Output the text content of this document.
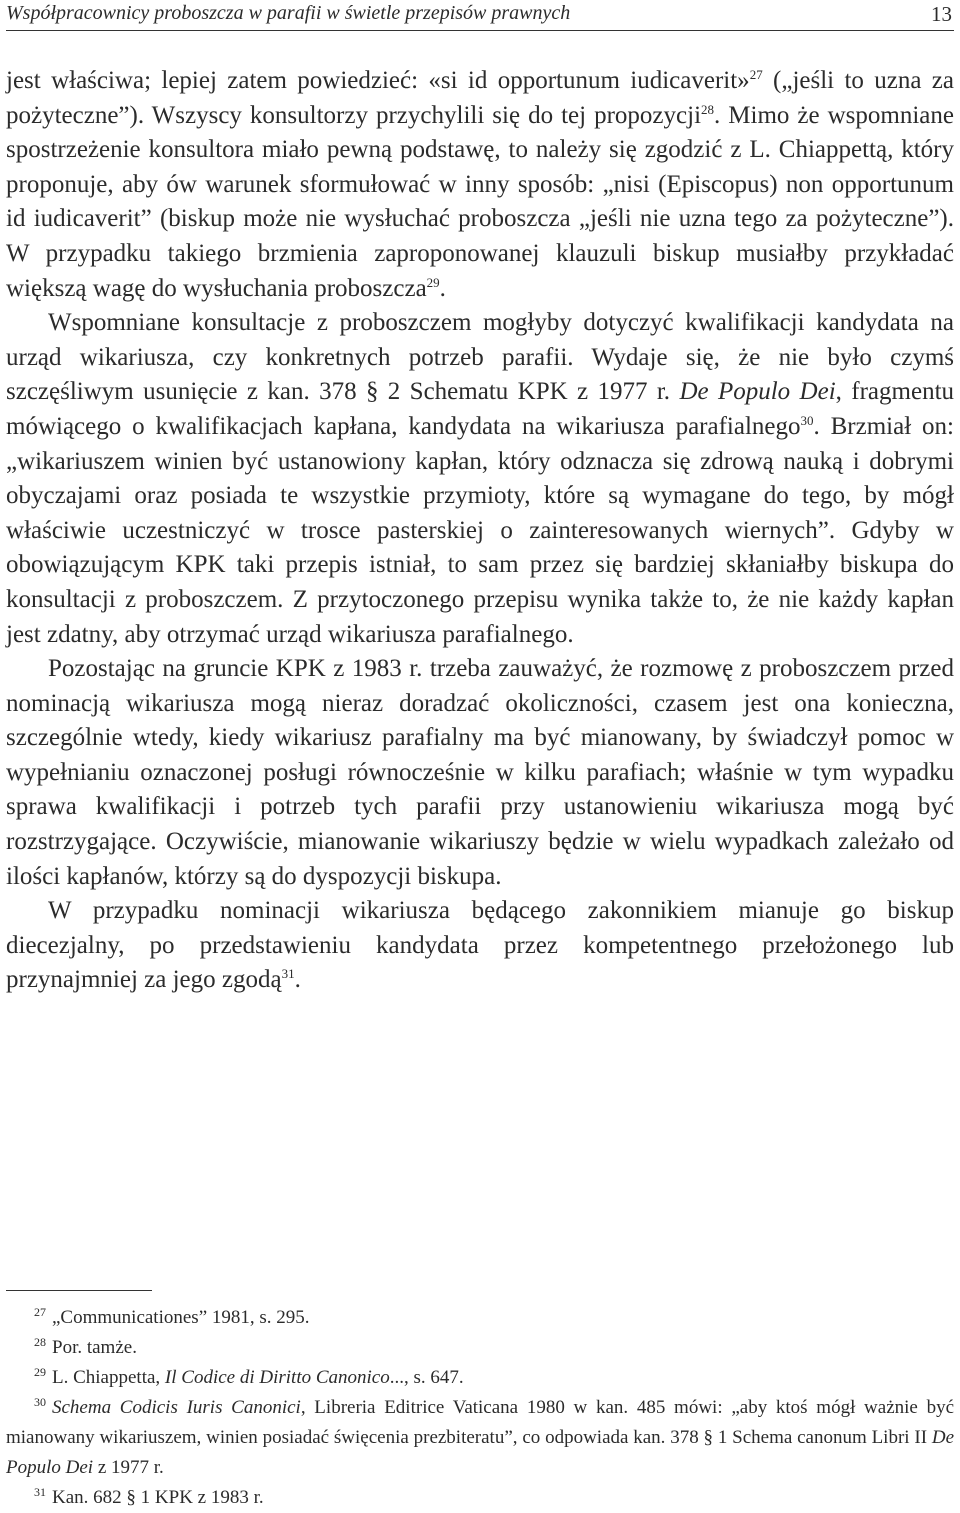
Współpracownicy proboszcza w parafii w świetle przepisów prawnych	13

jest właściwa; lepiej zatem powiedzieć: «si id opportunum iudicaverit»$^{27}$ („jeśli to uzna za pożyteczne”). Wszyscy konsultorzy przychylili się do tej propozycji$^{28}$. Mimo że wspomniane spostrzeżenie konsultora miało pewną podstawę, to należy się zgodzić z L. Chiappettą, który proponuje, aby ów warunek sformułować w inny sposób: „nisi (Episcopus) non opportunum id iudicaverit” (biskup może nie wysłuchać proboszcza „jeśli nie uzna tego za pożyteczne”). W przypadku takiego brzmienia zaproponowanej klauzuli biskup musiałby przykładać większą wagę do wysłuchania proboszcza$^{29}$.

Wspomniane konsultacje z proboszczem mogłyby dotyczyć kwalifikacji kandydata na urząd wikariusza, czy konkretnych potrzeb parafii. Wydaje się, że nie było czymś szczęśliwym usunięcie z kan. 378 § 2 Schematu KPK z 1977 r. De Populo Dei, fragmentu mówiącego o kwalifikacjach kapłana, kandydata na wikariusza parafialnego$^{30}$. Brzmiał on: „wikariuszem winien być ustanowiony kapłan, który odznacza się zdrową nauką i dobrymi obyczajami oraz posiada te wszystkie przymioty, które są wymagane do tego, by mógł właściwie uczestniczyć w trosce pasterskiej o zainteresowanych wiernych”. Gdyby w obowiązującym KPK taki przepis istniał, to sam przez się bardziej skłaniałby biskupa do konsultacji z proboszczem. Z przytoczonego przepisu wynika także to, że nie każdy kapłan jest zdatny, aby otrzymać urząd wikariusza parafialnego.

Pozostając na gruncie KPK z 1983 r. trzeba zauważyć, że rozmowę z proboszczem przed nominacją wikariusza mogą nieraz doradzać okoliczności, czasem jest ona konieczna, szczególnie wtedy, kiedy wikariusz parafialny ma być mianowany, by świadczył pomoc w wypełnianiu oznaczonej posługi równocześnie w kilku parafiach; właśnie w tym wypadku sprawa kwalifikacji i potrzeb tych parafii przy ustanowieniu wikariusza mogą być rozstrzygające. Oczywiście, mianowanie wikariuszy będzie w wielu wypadkach zależało od ilości kapłanów, którzy są do dyspozycji biskupa.

W przypadku nominacji wikariusza będącego zakonnikiem mianuje go biskup diecezjalny, po przedstawieniu kandydata przez kompetentnego przełożonego lub przynajmniej za jego zgodą$^{31}$.

27 „Communicationes” 1981, s. 295.

28 Por. tamże.

29 L. Chiappetta, Il Codice di Diritto Canonico..., s. 647.

30 Schema Codicis Iuris Canonici, Libreria Editrice Vaticana 1980 w kan. 485 mówi: „aby ktoś mógł ważnie być mianowany wikariuszem, winien posiadać święcenia prezbiteratu”, co odpowiada kan. 378 § 1 Schema canonum Libri II De Populo Dei z 1977 r.

31 Kan. 682 § 1 KPK z 1983 r.
